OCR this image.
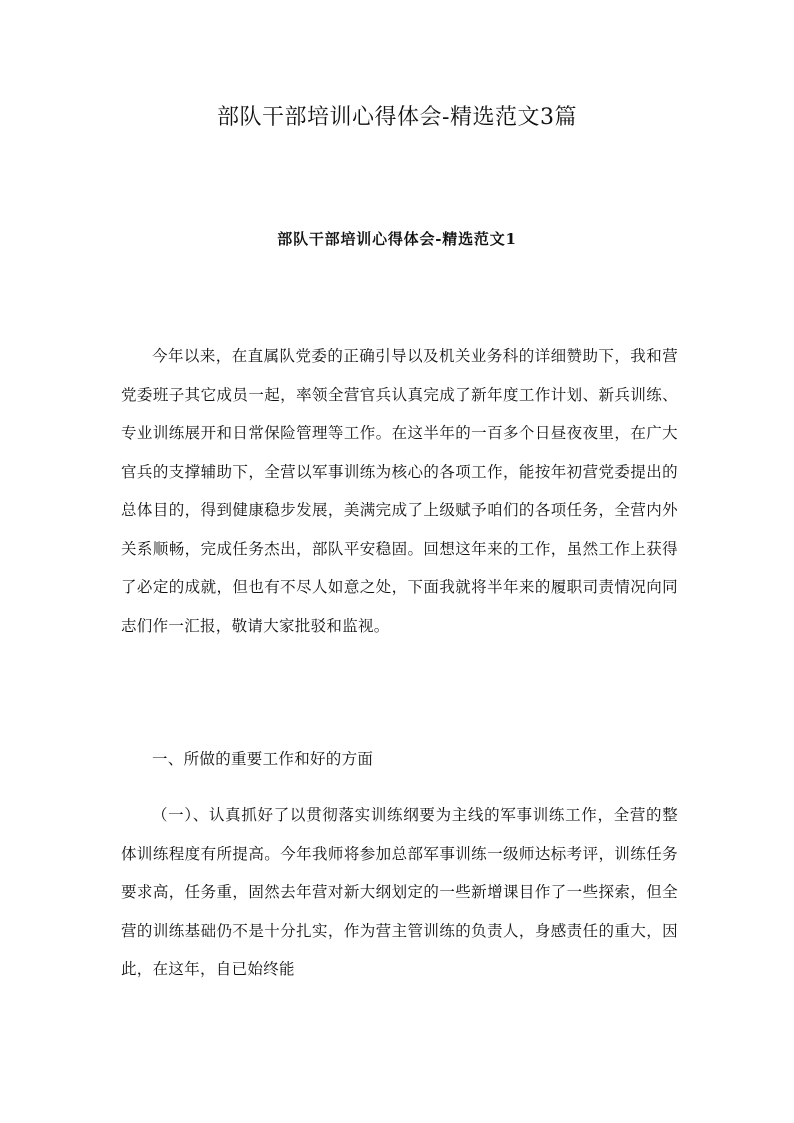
部队干部培训心得体会-精选范文3篇
部队干部培训心得体会-精选范文1

今年以来，在直属队党委的正确引导以及机关业务科的详细赞助下，我和营党委班子其它成员一起，率领全营官兵认真完成了新年度工作计划、新兵训练、专业训练展开和日常保险管理等工作。在这半年的一百多个日昼夜夜里，在广大官兵的支撑辅助下，全营以军事训练为核心的各项工作，能按年初营党委提出的总体目的，得到健康稳步发展，美满完成了上级赋予咱们的各项任务，全营内外关系顺畅，完成任务杰出，部队平安稳固。回想这年来的工作，虽然工作上获得了必定的成就，但也有不尽人如意之处，下面我就将半年来的履职司责情况向同志们作一汇报，敬请大家批驳和监视。

一、所做的重要工作和好的方面

（一）、认真抓好了以贯彻落实训练纲要为主线的军事训练工作，全营的整体训练程度有所提高。今年我师将参加总部军事训练一级师达标考评，训练任务要求高，任务重，固然去年营对新大纲划定的一些新增课目作了一些探索，但全营的训练基础仍不是十分扎实，作为营主管训练的负责人，身感责任的重大，因此，在这年，自已始终能
